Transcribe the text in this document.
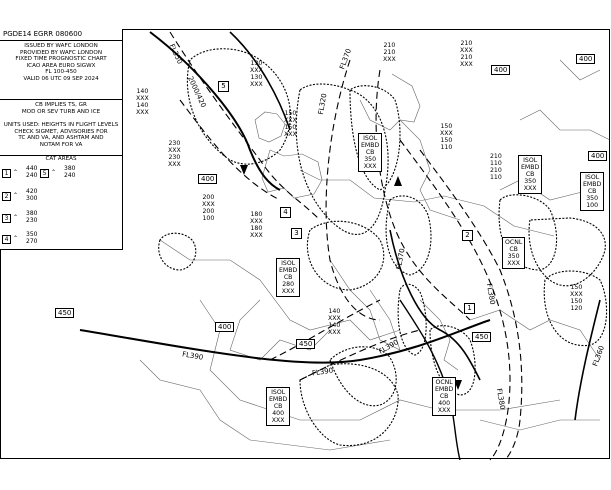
PGDE14 EGRR 080600
ISSUED BY WAFC LONDON
PROVIDED BY WAFC LONDON
FIXED TIME PROGNOSTIC CHART
ICAO AREA EURO SIGWX
FL 100-450
VALID 06 UTC 09 SEP 2024
CB IMPLIES TS, GR
MOD OR SEV TURB AND ICE
UNITS USED: HEIGHTS IN FLIGHT LEVELS
CHECK SIGMET, ADVISORIES FOR
TC AND VA, AND ASHTAM AND
NOTAM FOR VA
CAT AREAS
1 ⌃
440
240
2 ⌃
420
300
3 ⌃
380
230
4 ⌃
350
270
5 ⌃
380
240
210
210
XXX
210
XXX
210
XXX
130
XXX
130
XXX
140
XXX
140
XXX	150
XXX
150
XXX
230
XXX
230
XXX
200
XXX
200
100
180
XXX
180
XXX
150
XXX
150
110
210
110
210
110
140
XXX
140
XXX
150
XXX
150
120
ISOL
EMBD
CB
350
XXX
ISOL
EMBD
CB
350
XXX
ISOL
EMBD
CB
350
100
OCNL
CB
350
XXX
ISOL
EMBD
CB
280
XXX
ISOL
EMBD
CB
400
XXX
OCNL
EMBD
CB
400
XXX
400
400
400
400
450
400
450
450
5
4
3	2
1
FL350	FL370
FL320
FL390
FL390
FL370
FL390
FL380
FL380
FL360
2000/420
